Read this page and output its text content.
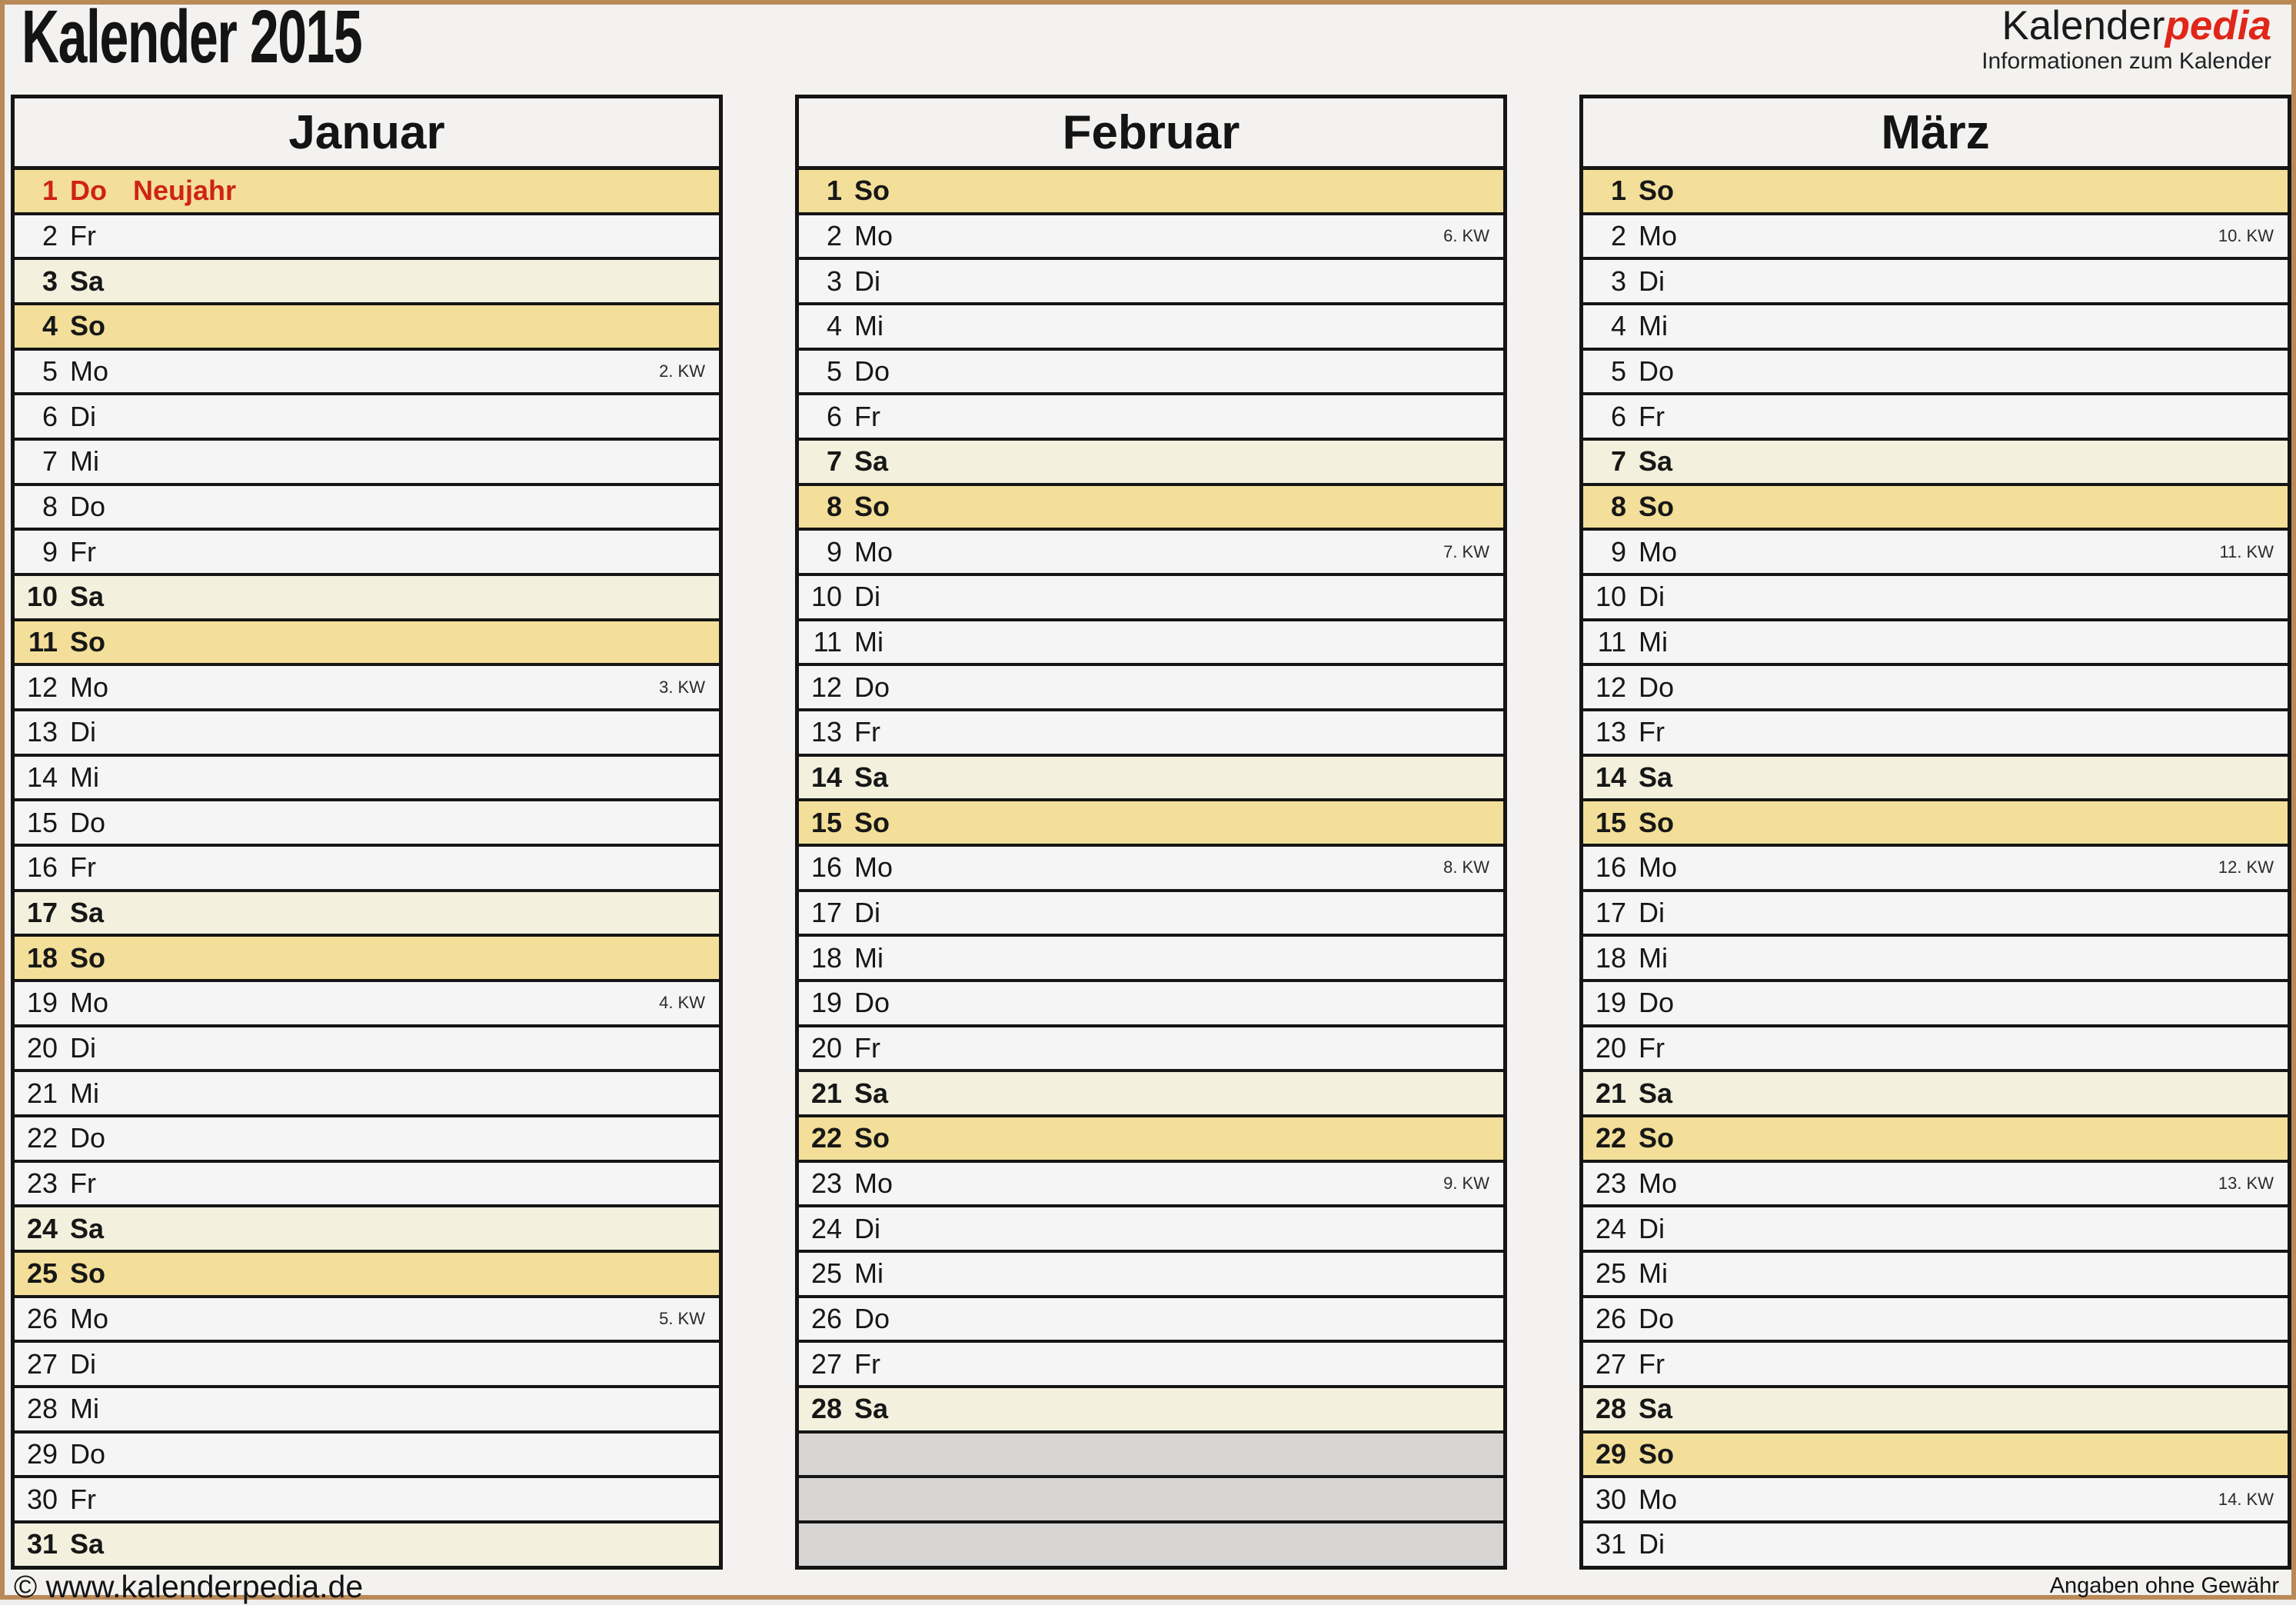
Kalender 2015	Kalenderpedia
Informationen zum Kalender
Januar
1 Do Neujahr
2 Fr
3 Sa
4 So
5 Mo	2. KW
6 Di
7 Mi
8 Do
9 Fr
10 Sa
11 So
12 Mo	3. KW
13 Di
14 Mi
15 Do
16 Fr
17 Sa
18 So
19 Mo	4. KW
20 Di
21 Mi
22 Do
23 Fr
24 Sa
25 So
26 Mo	5. KW
27 Di
28 Mi
29 Do
30 Fr
31 Sa
Februar
1 So
2 Mo	6. KW
3 Di
4 Mi
5 Do
6 Fr
7 Sa
8 So
9 Mo	7. KW
10 Di
11 Mi
12 Do
13 Fr
14 Sa
15 So
16 Mo	8. KW
17 Di
18 Mi
19 Do
20 Fr
21 Sa
22 So
23 Mo	9. KW
24 Di
25 Mi
26 Do
27 Fr
28 Sa
März
1 So
2 Mo	10. KW
3 Di
4 Mi
5 Do
6 Fr
7 Sa
8 So
9 Mo	11. KW
10 Di
11 Mi
12 Do
13 Fr
14 Sa
15 So
16 Mo	12. KW
17 Di
18 Mi
19 Do
20 Fr
21 Sa
22 So
23 Mo	13. KW
24 Di
25 Mi
26 Do
27 Fr
28 Sa
29 So
30 Mo	14. KW
31 Di
© www.kalenderpedia.de	Angaben ohne Gewähr
